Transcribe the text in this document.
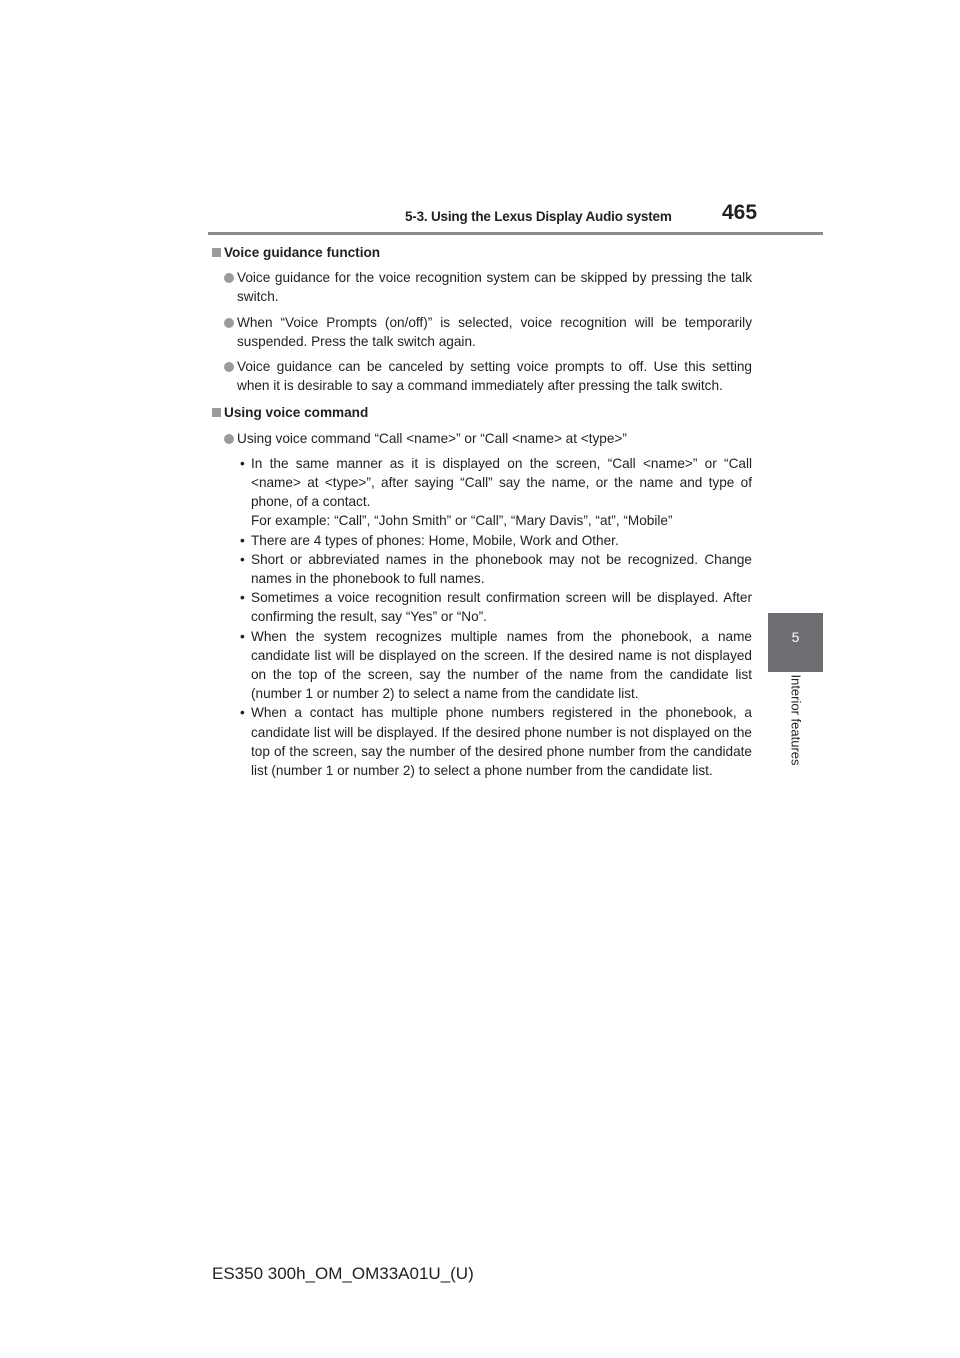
5-3. Using the Lexus Display Audio system 465
5
Interior features
Voice guidance function
Voice guidance for the voice recognition system can be skipped by pressing the talk switch.
When “Voice Prompts (on/off)” is selected, voice recognition will be temporarily suspended. Press the talk switch again.
Voice guidance can be canceled by setting voice prompts to off. Use this setting when it is desirable to say a command immediately after pressing the talk switch.
Using voice command
Using voice command “Call <name>” or “Call <name> at <type>”
• In the same manner as it is displayed on the screen, “Call <name>” or “Call <name> at <type>”, after saying “Call” say the name, or the name and type of phone, of a contact.
For example: “Call”, “John Smith” or “Call”, “Mary Davis”, “at”, “Mobile”
• There are 4 types of phones: Home, Mobile, Work and Other.
• Short or abbreviated names in the phonebook may not be recognized. Change names in the phonebook to full names.
• Sometimes a voice recognition result confirmation screen will be displayed. After confirming the result, say “Yes” or “No”.
• When the system recognizes multiple names from the phonebook, a name candidate list will be displayed on the screen. If the desired name is not displayed on the top of the screen, say the number of the name from the candidate list (number 1 or number 2) to select a name from the candidate list.
• When a contact has multiple phone numbers registered in the phonebook, a candidate list will be displayed. If the desired phone number is not displayed on the top of the screen, say the number of the desired phone number from the candidate list (number 1 or number 2) to select a phone number from the candidate list.
ES350 300h_OM_OM33A01U_(U)
